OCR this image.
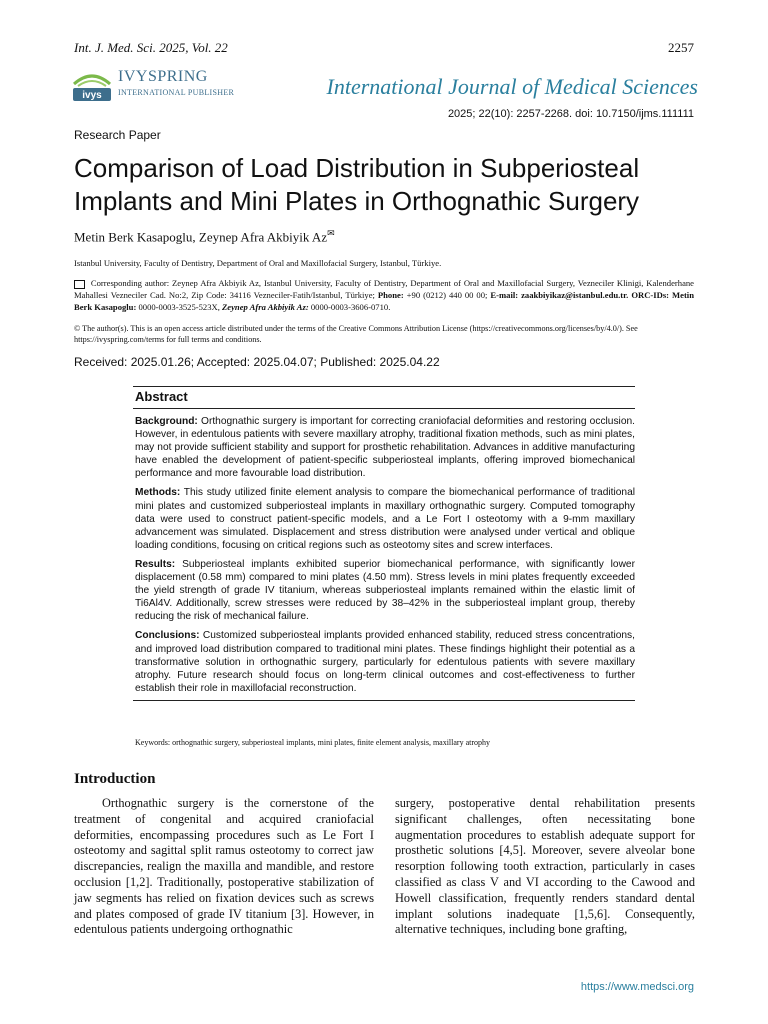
Int. J. Med. Sci. 2025, Vol. 22	2257
ivys
IVYSPRING
INTERNATIONAL PUBLISHER	International Journal of Medical Sciences
2025; 22(10): 2257-2268. doi: 10.7150/ijms.111111
Research Paper
Comparison of Load Distribution in Subperiosteal Implants and Mini Plates in Orthognathic Surgery
Metin Berk Kasapoglu, Zeynep Afra Akbiyik Az✉
Istanbul University, Faculty of Dentistry, Department of Oral and Maxillofacial Surgery, Istanbul, Türkiye.
Corresponding author: Zeynep Afra Akbiyik Az, Istanbul University, Faculty of Dentistry, Department of Oral and Maxillofacial Surgery, Vezneciler Klinigi, Kalenderhane Mahallesi Vezneciler Cad. No:2, Zip Code: 34116 Vezneciler-Fatih/Istanbul, Türkiye; Phone: +90 (0212) 440 00 00; E-mail: zaakbiyikaz@istanbul.edu.tr. ORC-IDs: Metin Berk Kasapoglu: 0000-0003-3525-523X, Zeynep Afra Akbiyik Az: 0000-0003-3606-0710.
© The author(s). This is an open access article distributed under the terms of the Creative Commons Attribution License (https://creativecommons.org/licenses/by/4.0/). See https://ivyspring.com/terms for full terms and conditions.
Received: 2025.01.26; Accepted: 2025.04.07; Published: 2025.04.22
Abstract

Background: Orthognathic surgery is important for correcting craniofacial deformities and restoring occlusion. However, in edentulous patients with severe maxillary atrophy, traditional fixation methods, such as mini plates, may not provide sufficient stability and support for prosthetic rehabilitation. Advances in additive manufacturing have enabled the development of patient-specific subperiosteal implants, offering improved biomechanical performance and more favourable load distribution.

Methods: This study utilized finite element analysis to compare the biomechanical performance of traditional mini plates and customized subperiosteal implants in maxillary orthognathic surgery. Computed tomography data were used to construct patient-specific models, and a Le Fort I osteotomy with a 9-mm maxillary advancement was simulated. Displacement and stress distribution were analysed under vertical and oblique loading conditions, focusing on critical regions such as osteotomy sites and screw interfaces.

Results: Subperiosteal implants exhibited superior biomechanical performance, with significantly lower displacement (0.58 mm) compared to mini plates (4.50 mm). Stress levels in mini plates frequently exceeded the yield strength of grade IV titanium, whereas subperiosteal implants remained within the elastic limit of Ti6Al4V. Additionally, screw stresses were reduced by 38–42% in the subperiosteal implant group, thereby reducing the risk of mechanical failure.

Conclusions: Customized subperiosteal implants provided enhanced stability, reduced stress concentrations, and improved load distribution compared to traditional mini plates. These findings highlight their potential as a transformative solution in orthognathic surgery, particularly for edentulous patients with severe maxillary atrophy. Future research should focus on long-term clinical outcomes and cost-effectiveness to further establish their role in maxillofacial reconstruction.

Keywords: orthognathic surgery, subperiosteal implants, mini plates, finite element analysis, maxillary atrophy
Introduction
Orthognathic surgery is the cornerstone of the treatment of congenital and acquired craniofacial deformities, encompassing procedures such as Le Fort I osteotomy and sagittal split ramus osteotomy to correct jaw discrepancies, realign the maxilla and mandible, and restore occlusion [1,2]. Traditionally, postoperative stabilization of jaw segments has relied on fixation devices such as screws and plates composed of grade IV titanium [3]. However, in edentulous patients undergoing orthognathic
surgery, postoperative dental rehabilitation presents significant challenges, often necessitating bone augmentation procedures to establish adequate support for prosthetic solutions [4,5]. Moreover, severe alveolar bone resorption following tooth extraction, particularly in cases classified as class V and VI according to the Cawood and Howell classification, frequently renders standard dental implant solutions inadequate [1,5,6]. Consequently, alternative techniques, including bone grafting,
https://www.medsci.org
